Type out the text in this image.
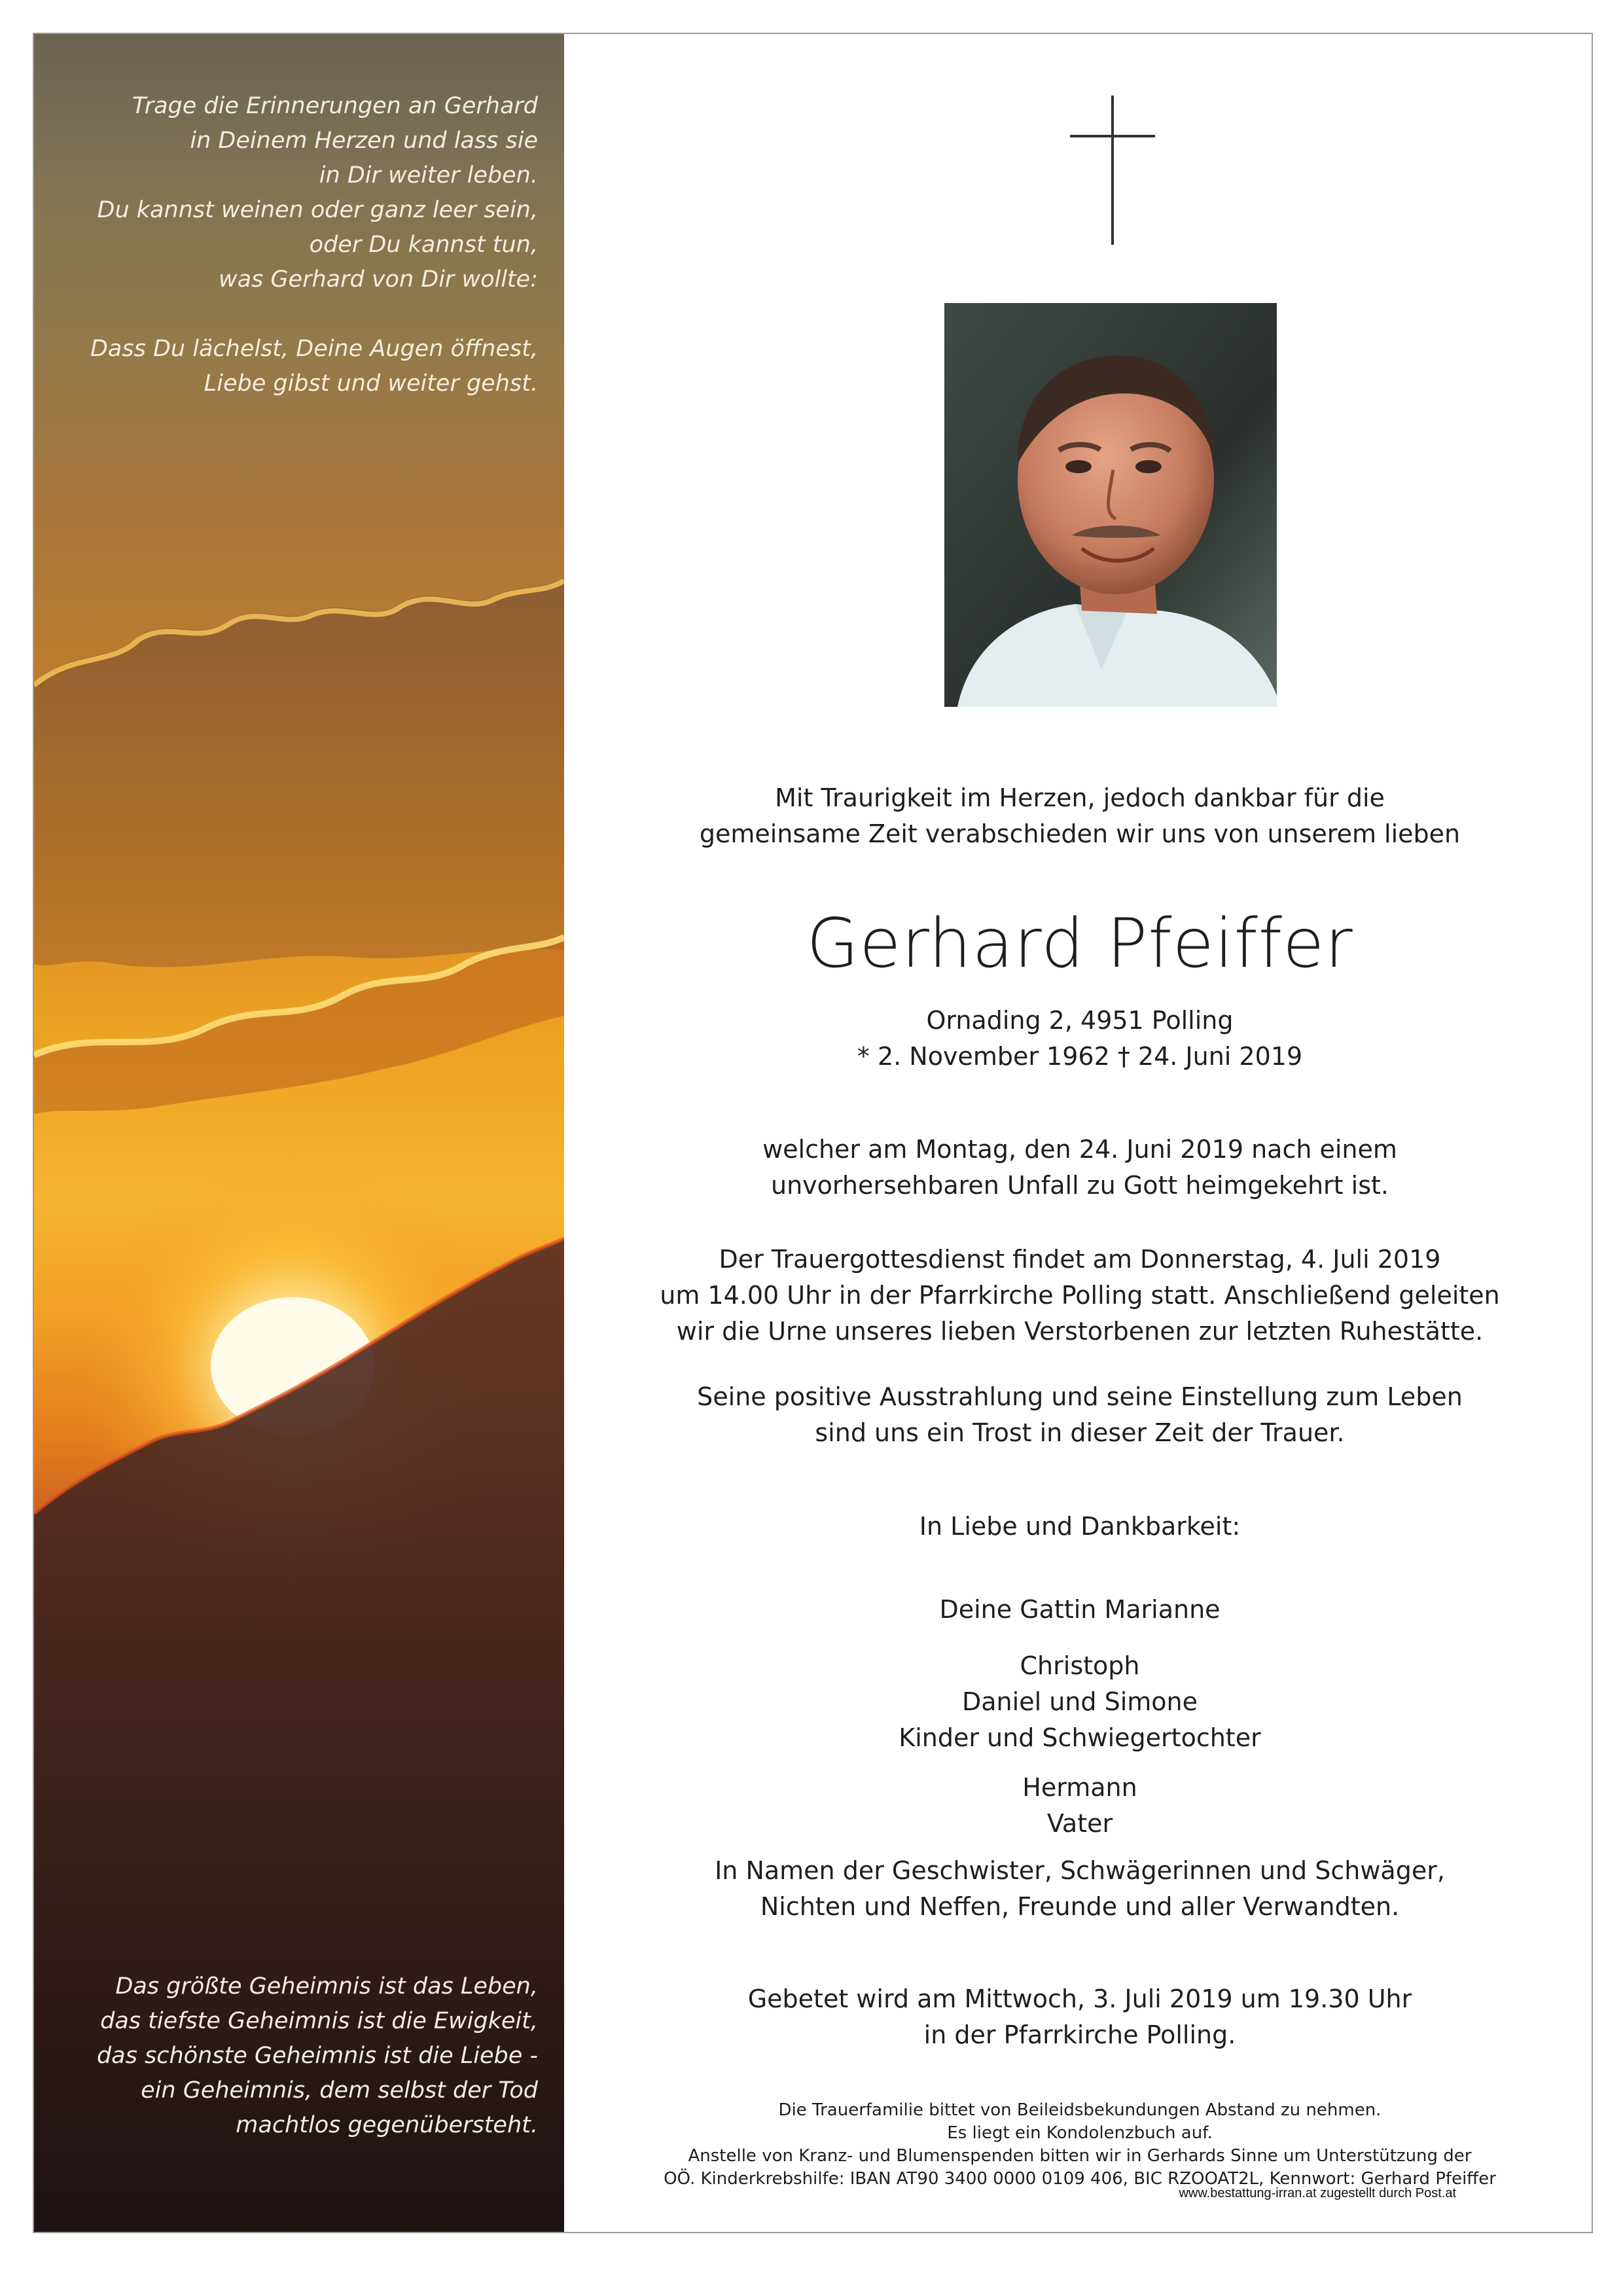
Trage die Erinnerungen an Gerhard

in Deinem Herzen und lass sie

in Dir weiter leben.

Du kannst weinen oder ganz leer sein,

oder Du kannst tun,

was Gerhard von Dir wollte:

Dass Du lächelst, Deine Augen öffnest,

Liebe gibst und weiter gehst.

Das größte Geheimnis ist das Leben,

das tiefste Geheimnis ist die Ewigkeit,

das schönste Geheimnis ist die Liebe -

ein Geheimnis, dem selbst der Tod

machtlos gegenüberstеht.

Mit Traurigkeit im Herzen, jedoch dankbar für die

gemeinsame Zeit verabschieden wir uns von unserem lieben

Gerhard Pfeiffer

Ornading 2, 4951 Polling

* 2. November 1962 † 24. Juni 2019

welcher am Montag, den 24. Juni 2019 nach einem

unvorhersehbaren Unfall zu Gott heimgekehrt ist.

Der Trauergottesdienst findet am Donnerstag, 4. Juli 2019

um 14.00 Uhr in der Pfarrkirche Polling statt. Anschließend geleiten

wir die Urne unseres lieben Verstorbenen zur letzten Ruhestätte.

Seine positive Ausstrahlung und seine Einstellung zum Leben

sind uns ein Trost in dieser Zeit der Trauer.

In Liebe und Dankbarkeit:
Deine Gattin Marianne

Christoph

Daniel und Simone

Kinder und Schwiegertochter

Hermann

Vater

In Namen der Geschwister, Schwägerinnen und Schwäger,

Nichten und Neffen, Freunde und aller Verwandten.

Gebetet wird am Mittwoch, 3. Juli 2019 um 19.30 Uhr

in der Pfarrkirche Polling.

Die Trauerfamilie bittet von Beileidsbekundungen Abstand zu nehmen.

Es liegt ein Kondolenzbuch auf.

Anstelle von Kranz- und Blumenspenden bitten wir in Gerhards Sinne um Unterstützung der

OÖ. Kinderkrebshilfe: IBAN AT90 3400 0000 0109 406, BIC RZOOAT2L, Kennwort: Gerhard Pfeiffer

www.bestattung-irran.at zugestellt durch Post.at
